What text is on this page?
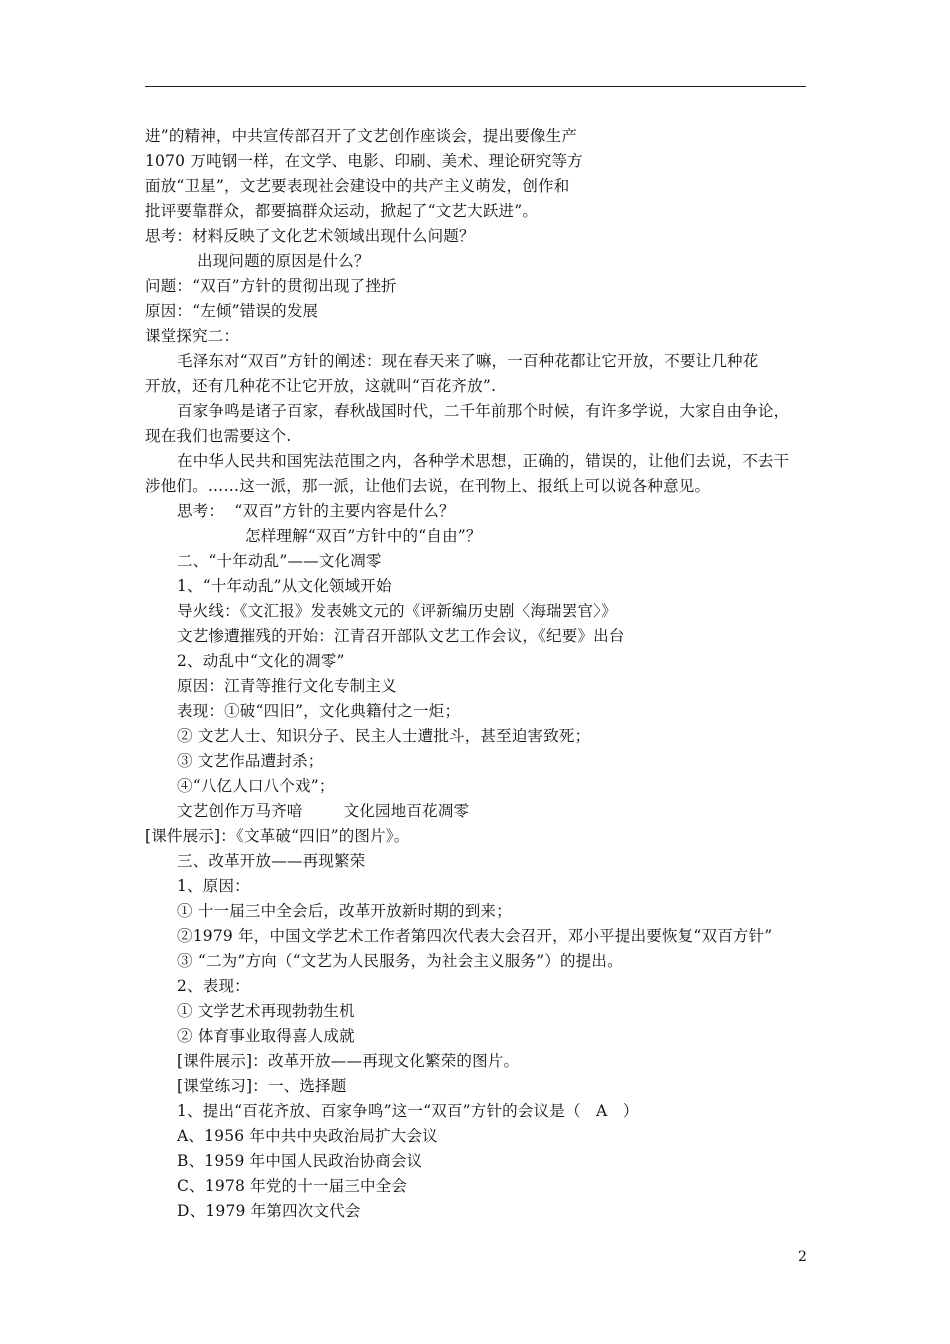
进”的精神，中共宣传部召开了文艺创作座谈会，提出要像生产
1070 万吨钢一样，在文学、电影、印刷、美术、理论研究等方
面放“卫星”，文艺要表现社会建设中的共产主义萌发，创作和
批评要靠群众，都要搞群众运动，掀起了“文艺大跃进”。
思考：材料反映了文化艺术领域出现什么问题？
出现问题的原因是什么？
问题：“双百”方针的贯彻出现了挫折
原因：“左倾”错误的发展
课堂探究二：
毛泽东对“双百”方针的阐述：现在春天来了嘛，一百种花都让它开放，不要让几种花
开放，还有几种花不让它开放，这就叫“百花齐放”.
百家争鸣是诸子百家，春秋战国时代，二千年前那个时候，有许多学说，大家自由争论，
现在我们也需要这个.
在中华人民共和国宪法范围之内，各种学术思想，正确的，错误的，让他们去说，不去干
涉他们。……这一派，那一派，让他们去说，在刊物上、报纸上可以说各种意见。
思考：  “双百”方针的主要内容是什么？
怎样理解“双百”方针中的“自由”？
二、“十年动乱”——文化凋零
1、“十年动乱”从文化领域开始
导火线：《文汇报》发表姚文元的《评新编历史剧〈海瑞罢官〉》
文艺惨遭摧残的开始：江青召开部队文艺工作会议，《纪要》出台
2、动乱中“文化的凋零”
原因：江青等推行文化专制主义
表现：①破“四旧”，文化典籍付之一炬；
② 文艺人士、知识分子、民主人士遭批斗，甚至迫害致死；
③ 文艺作品遭封杀；
④“八亿人口八个戏”；
文艺创作万马齐喑        文化园地百花凋零
[课件展示]：《文革破“四旧”的图片》。
三、改革开放——再现繁荣
1、原因：
① 十一届三中全会后，改革开放新时期的到来；
②1979 年，中国文学艺术工作者第四次代表大会召开，邓小平提出要恢复“双百方针”
③ “二为”方向（“文艺为人民服务，为社会主义服务”）的提出。
2、表现：
① 文学艺术再现勃勃生机
② 体育事业取得喜人成就
[课件展示]：改革开放——再现文化繁荣的图片。
[课堂练习]：一、选择题
1、提出“百花齐放、百家争鸣”这一“双百”方针的会议是（   A   ）
A、1956 年中共中央政治局扩大会议
B、1959 年中国人民政治协商会议
C、1978 年党的十一届三中全会
D、1979 年第四次文代会
2
